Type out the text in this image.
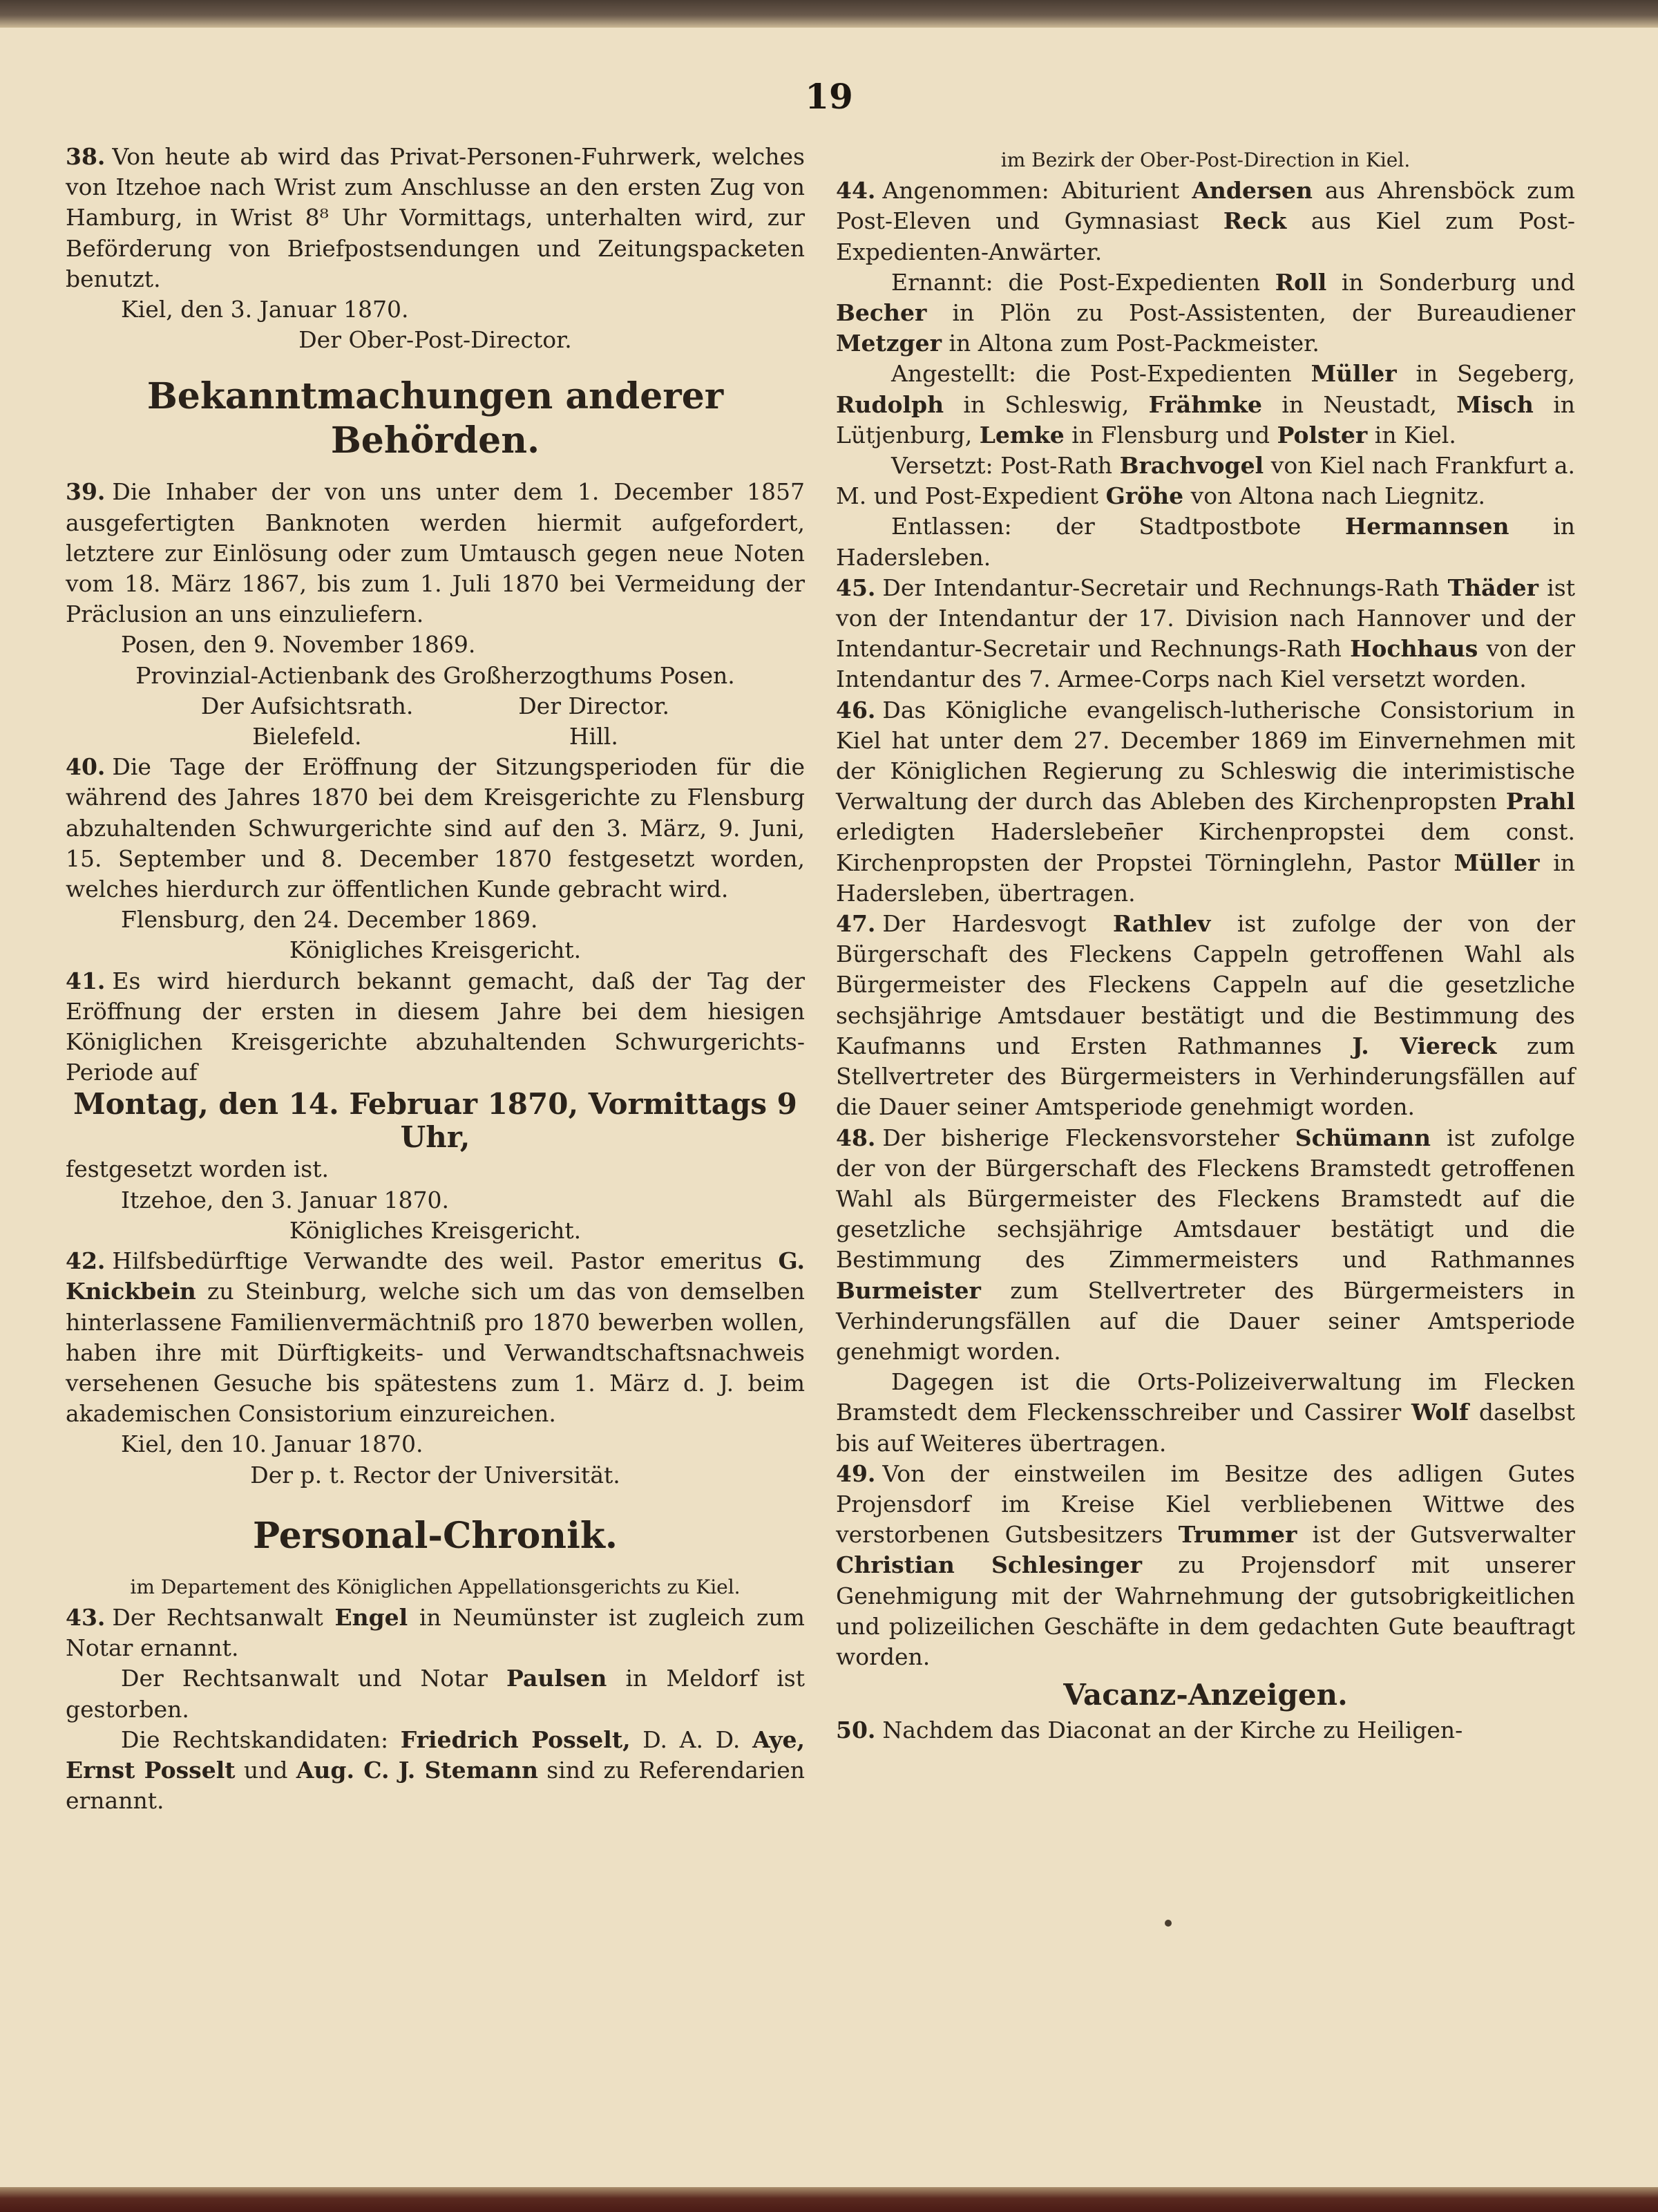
19

38. Von heute ab wird das Privat-Personen-Fuhrwerk, welches von Itzehoe nach Wrist zum Anschlusse an den ersten Zug von Hamburg, in Wrist 8⁸ Uhr Vormittags, unterhalten wird, zur Beförderung von Briefpostsendungen und Zeitungspacketen benutzt.

Kiel, den 3. Januar 1870.

Der Ober-Post-Director.

Bekanntmachungen anderer Behörden.

39. Die Inhaber der von uns unter dem 1. December 1857 ausgefertigten Banknoten werden hiermit aufgefordert, letztere zur Einlösung oder zum Umtausch gegen neue Noten vom 18. März 1867, bis zum 1. Juli 1870 bei Vermeidung der Präclusion an uns einzuliefern.

Posen, den 9. November 1869.

Provinzial-Actienbank des Großherzogthums Posen.

Der Aufsichtsrath.	Der Director.
Bielefeld.	Hill.

40. Die Tage der Eröffnung der Sitzungsperioden für die während des Jahres 1870 bei dem Kreisgerichte zu Flensburg abzuhaltenden Schwurgerichte sind auf den 3. März, 9. Juni, 15. September und 8. December 1870 festgesetzt worden, welches hierdurch zur öffentlichen Kunde gebracht wird.

Flensburg, den 24. December 1869.

Königliches Kreisgericht.

41. Es wird hierdurch bekannt gemacht, daß der Tag der Eröffnung der ersten in diesem Jahre bei dem hiesigen Königlichen Kreisgerichte abzuhaltenden Schwurgerichts-Periode auf

Montag, den 14. Februar 1870, Vormittags 9 Uhr,

festgesetzt worden ist.

Itzehoe, den 3. Januar 1870.

Königliches Kreisgericht.

42. Hilfsbedürftige Verwandte des weil. Pastor emeritus G. Knickbein zu Steinburg, welche sich um das von demselben hinterlassene Familienvermächtniß pro 1870 bewerben wollen, haben ihre mit Dürftigkeits- und Verwandtschaftsnachweis versehenen Gesuche bis spätestens zum 1. März d. J. beim akademischen Consistorium einzureichen.

Kiel, den 10. Januar 1870.

Der p. t. Rector der Universität.

Personal-Chronik.

im Departement des Königlichen Appellationsgerichts zu Kiel.

43. Der Rechtsanwalt Engel in Neumünster ist zugleich zum Notar ernannt.

Der Rechtsanwalt und Notar Paulsen in Meldorf ist gestorben.

Die Rechtskandidaten: Friedrich Posselt, D. A. D. Aye, Ernst Posselt und Aug. C. J. Stemann sind zu Referendarien ernannt.

im Bezirk der Ober-Post-Direction in Kiel.

44. Angenommen: Abiturient Andersen aus Ahrensböck zum Post-Eleven und Gymnasiast Reck aus Kiel zum Post-Expedienten-Anwärter.

Ernannt: die Post-Expedienten Roll in Sonderburg und Becher in Plön zu Post-Assistenten, der Bureaudiener Metzger in Altona zum Post-Packmeister.

Angestellt: die Post-Expedienten Müller in Segeberg, Rudolph in Schleswig, Frähmke in Neustadt, Misch in Lütjenburg, Lemke in Flensburg und Polster in Kiel.

Versetzt: Post-Rath Brachvogel von Kiel nach Frankfurt a. M. und Post-Expedient Gröhe von Altona nach Liegnitz.

Entlassen: der Stadtpostbote Hermannsen in Hadersleben.

45. Der Intendantur-Secretair und Rechnungs-Rath Thäder ist von der Intendantur der 17. Division nach Hannover und der Intendantur-Secretair und Rechnungs-Rath Hochhaus von der Intendantur des 7. Armee-Corps nach Kiel versetzt worden.

46. Das Königliche evangelisch-lutherische Consistorium in Kiel hat unter dem 27. December 1869 im Einvernehmen mit der Königlichen Regierung zu Schleswig die interimistische Verwaltung der durch das Ableben des Kirchenpropsten Prahl erledigten Hadersleben̄er Kirchenpropstei dem const. Kirchenpropsten der Propstei Törninglehn, Pastor Müller in Hadersleben, übertragen.

47. Der Hardesvogt Rathlev ist zufolge der von der Bürgerschaft des Fleckens Cappeln getroffenen Wahl als Bürgermeister des Fleckens Cappeln auf die gesetzliche sechsjährige Amtsdauer bestätigt und die Bestimmung des Kaufmanns und Ersten Rathmannes J. Viereck zum Stellvertreter des Bürgermeisters in Verhinderungsfällen auf die Dauer seiner Amtsperiode genehmigt worden.

48. Der bisherige Fleckensvorsteher Schümann ist zufolge der von der Bürgerschaft des Fleckens Bramstedt getroffenen Wahl als Bürgermeister des Fleckens Bramstedt auf die gesetzliche sechsjährige Amtsdauer bestätigt und die Bestimmung des Zimmermeisters und Rathmannes Burmeister zum Stellvertreter des Bürgermeisters in Verhinderungsfällen auf die Dauer seiner Amtsperiode genehmigt worden.

Dagegen ist die Orts-Polizeiverwaltung im Flecken Bramstedt dem Fleckensschreiber und Cassirer Wolf daselbst bis auf Weiteres übertragen.

49. Von der einstweilen im Besitze des adligen Gutes Projensdorf im Kreise Kiel verbliebenen Wittwe des verstorbenen Gutsbesitzers Trummer ist der Gutsverwalter Christian Schlesinger zu Projensdorf mit unserer Genehmigung mit der Wahrnehmung der gutsobrigkeitlichen und polizeilichen Geschäfte in dem gedachten Gute beauftragt worden.

Vacanz-Anzeigen.

50. Nachdem das Diaconat an der Kirche zu Heiligen-
